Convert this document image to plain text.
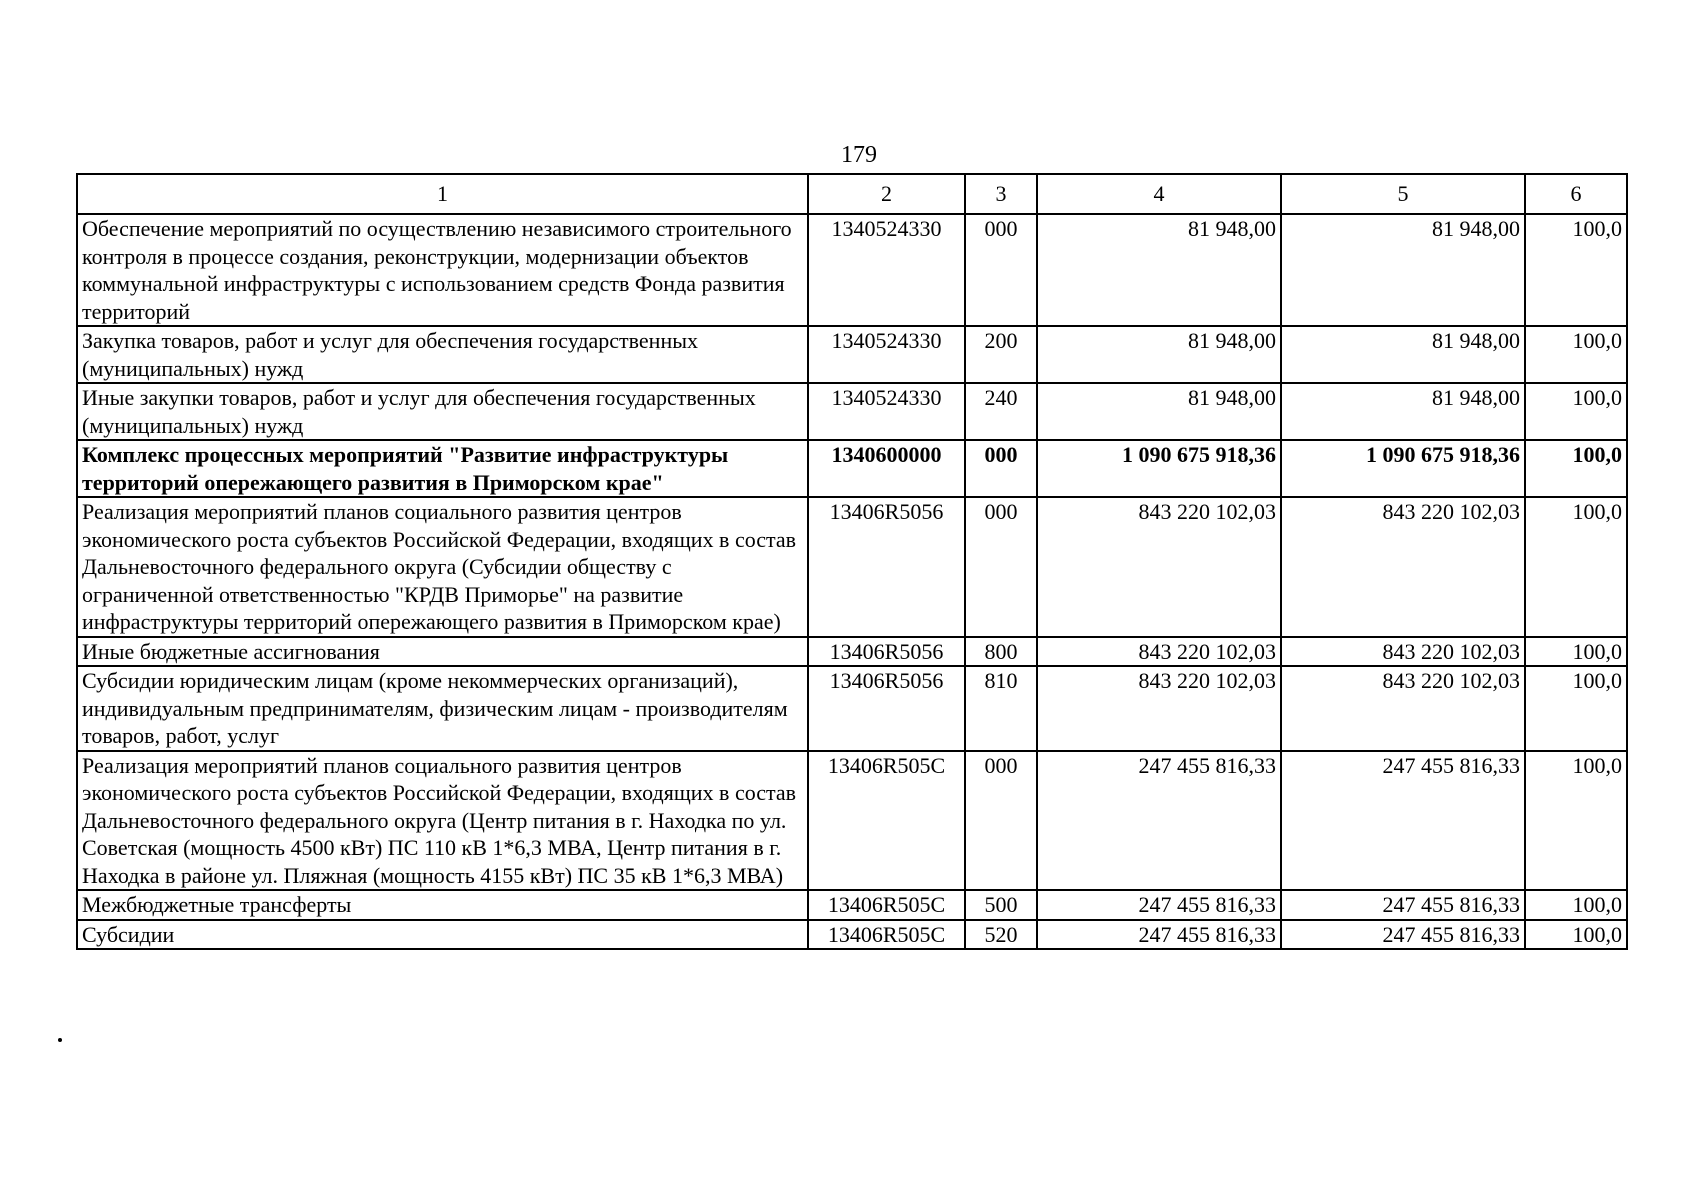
179
1	2	3	4	5	6
Обеспечение мероприятий по осуществлению независимого строительного контроля в процессе создания, реконструкции, модернизации объектов коммунальной инфраструктуры с использованием средств Фонда развития территорий	1340524330	000	81 948,00	81 948,00	100,0
Закупка товаров, работ и услуг для обеспечения государственных (муниципальных) нужд	1340524330	200	81 948,00	81 948,00	100,0
Иные закупки товаров, работ и услуг для обеспечения государственных (муниципальных) нужд	1340524330	240	81 948,00	81 948,00	100,0
Комплекс процессных мероприятий "Развитие инфраструктуры территорий опережающего развития в Приморском крае"	1340600000	000	1 090 675 918,36	1 090 675 918,36	100,0
Реализация мероприятий планов социального развития центров экономического роста субъектов Российской Федерации, входящих в состав Дальневосточного федерального округа (Субсидии обществу с ограниченной ответственностью "КРДВ Приморье" на развитие инфраструктуры территорий опережающего развития в Приморском крае)	13406R5056	000	843 220 102,03	843 220 102,03	100,0
Иные бюджетные ассигнования	13406R5056	800	843 220 102,03	843 220 102,03	100,0
Субсидии юридическим лицам (кроме некоммерческих организаций), индивидуальным предпринимателям, физическим лицам - производителям товаров, работ, услуг	13406R5056	810	843 220 102,03	843 220 102,03	100,0
Реализация мероприятий планов социального развития центров экономического роста субъектов Российской Федерации, входящих в состав Дальневосточного федерального округа (Центр питания в г. Находка по ул. Советская (мощность 4500 кВт) ПС 110 кВ 1*6,3 МВА, Центр питания в г. Находка в районе ул. Пляжная (мощность 4155 кВт) ПС 35 кВ 1*6,3 МВА)	13406R505C	000	247 455 816,33	247 455 816,33	100,0
Межбюджетные трансферты	13406R505C	500	247 455 816,33	247 455 816,33	100,0
Субсидии	13406R505C	520	247 455 816,33	247 455 816,33	100,0
